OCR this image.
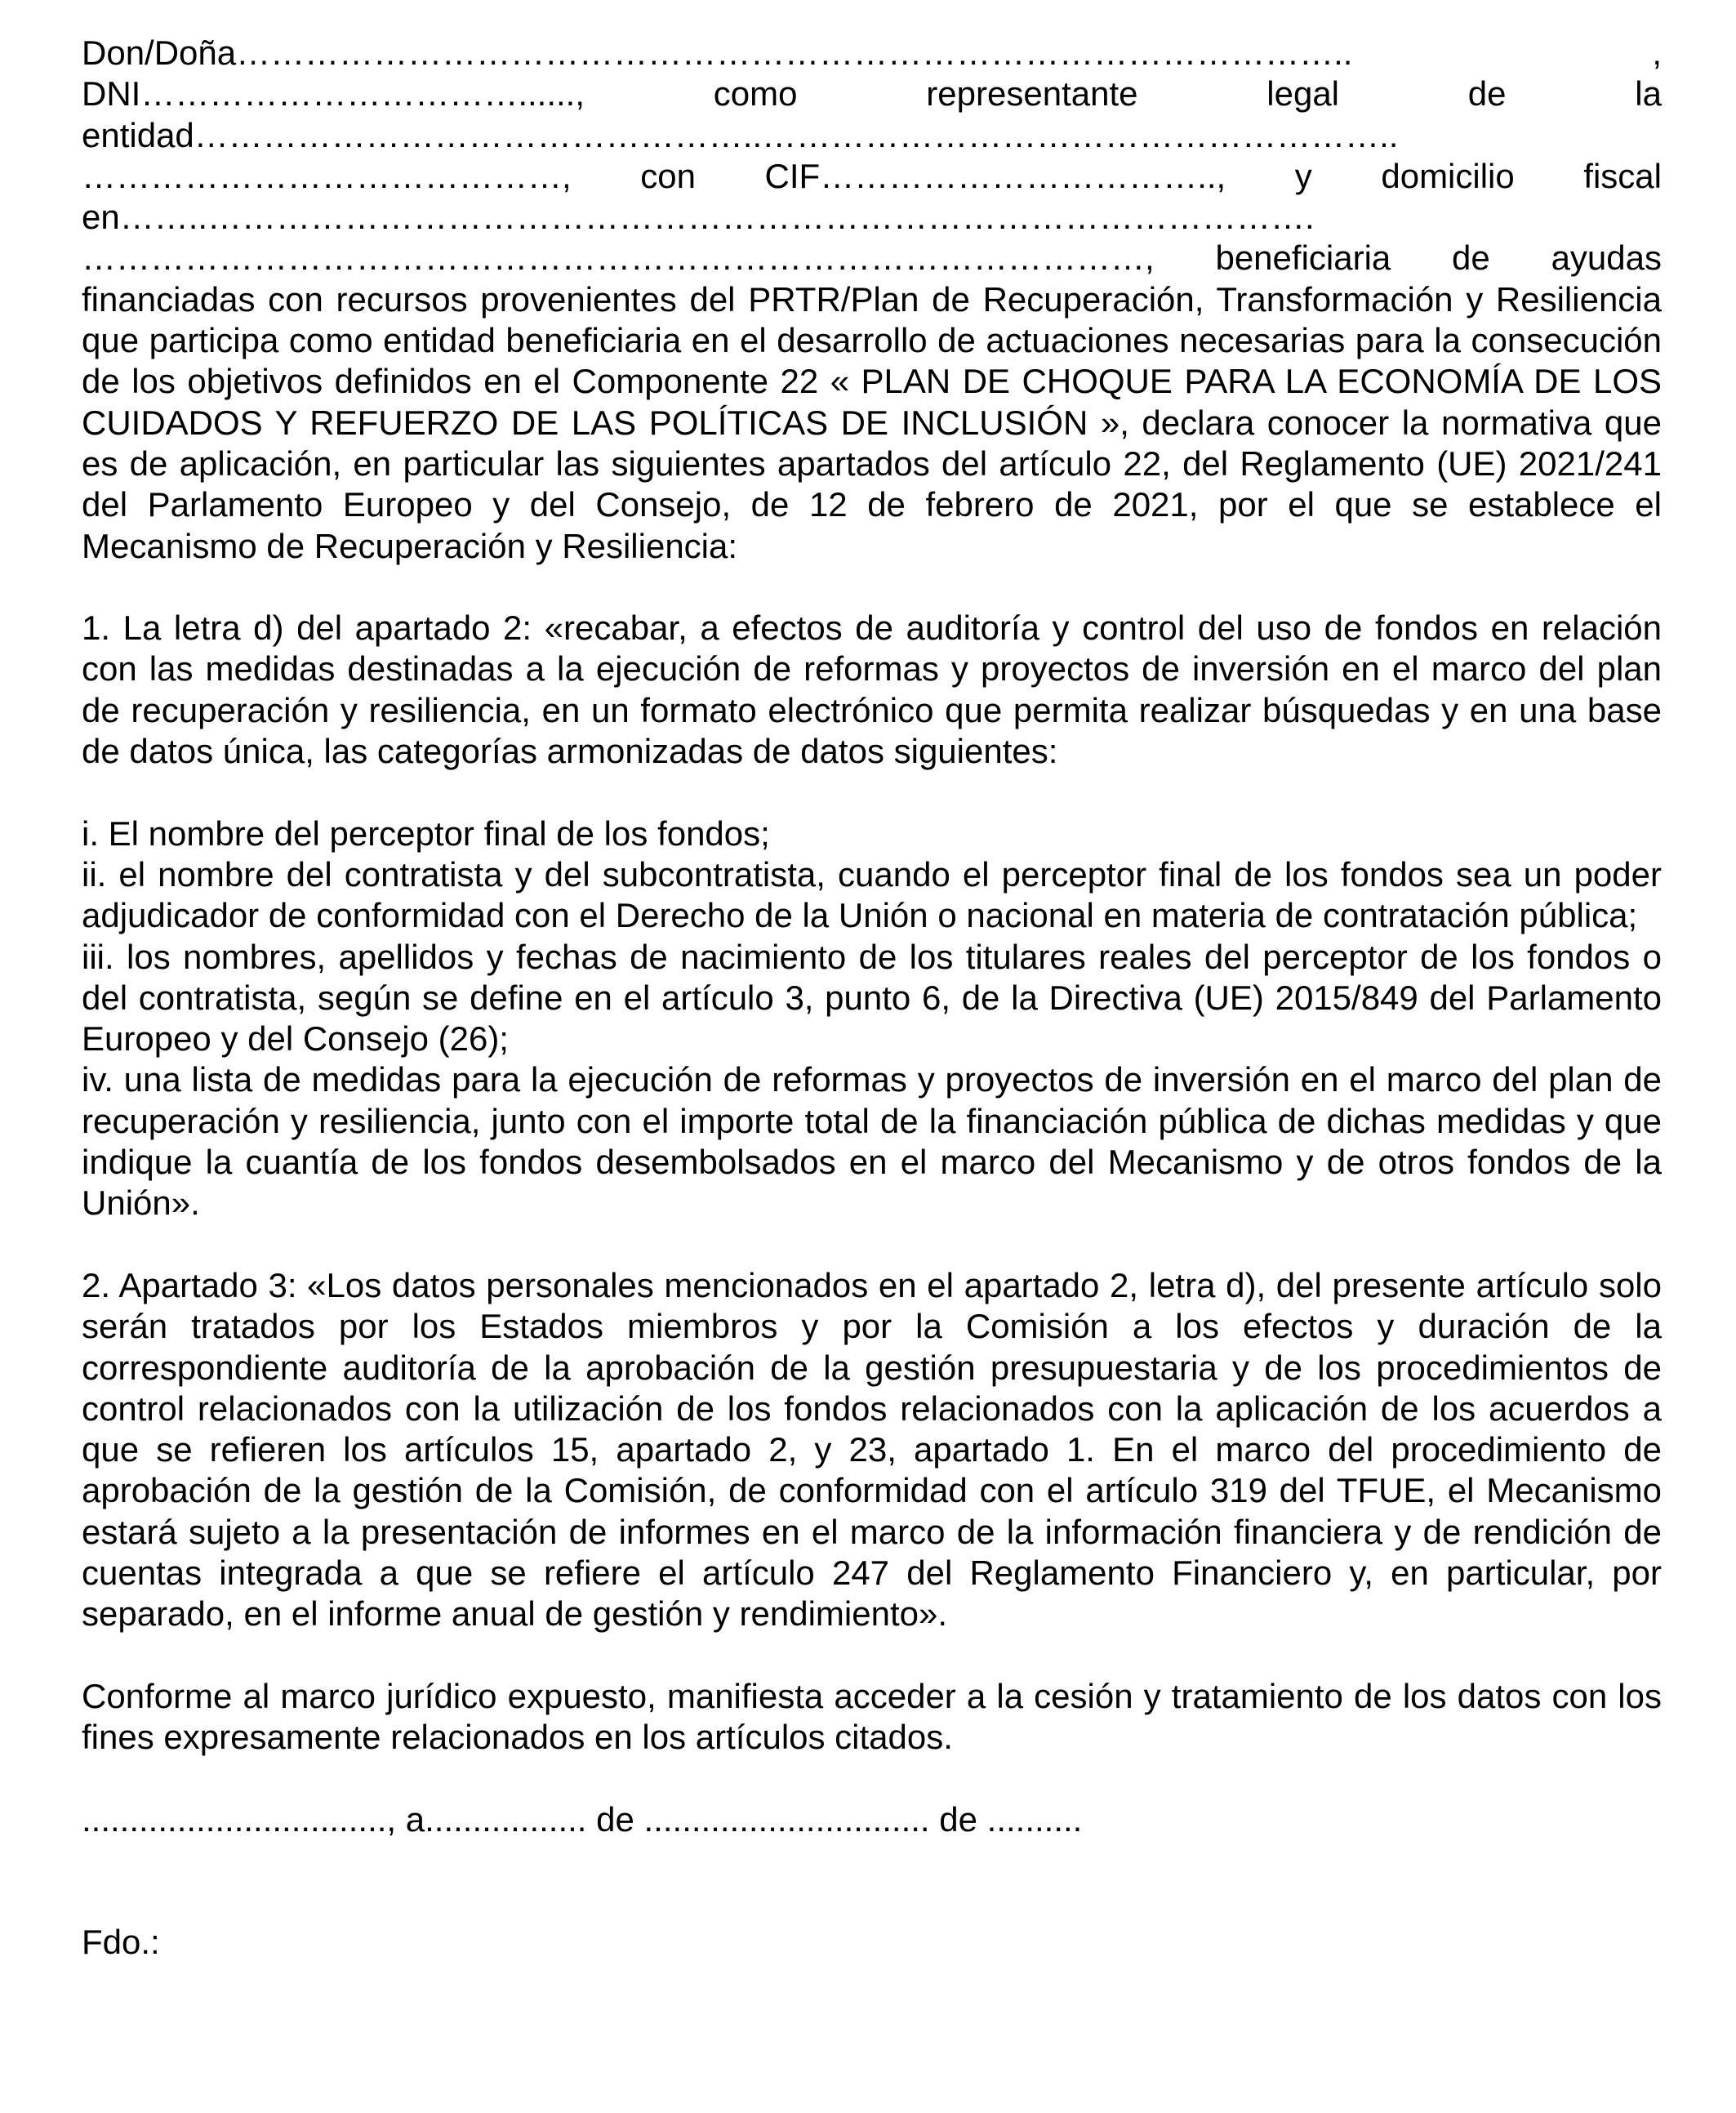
Don/Doña…………………………………………………………………………………….. ,
DNI……………………………......, como representante legal de la
entidad…………………………………………..………………………………………………..
……………………………………, con CIF…………………………….., y domicilio fiscal
en……..…………………………………………………………………………………….
…………………………………………………………………………………, beneficiaria de ayudas

financiadas con recursos provenientes del PRTR/Plan de Recuperación, Transformación y Resiliencia que participa como entidad beneficiaria en el desarrollo de actuaciones necesarias para la consecución de los objetivos definidos en el Componente 22 « PLAN DE CHOQUE PARA LA ECONOMÍA DE LOS CUIDADOS Y REFUERZO DE LAS POLÍTICAS DE INCLUSIÓN », declara conocer la normativa que es de aplicación, en particular las siguientes apartados del artículo 22, del Reglamento (UE) 2021/241 del Parlamento Europeo y del Consejo, de 12 de febrero de 2021, por el que se establece el Mecanismo de Recuperación y Resiliencia:

1. La letra d) del apartado 2: «recabar, a efectos de auditoría y control del uso de fondos en relación con las medidas destinadas a la ejecución de reformas y proyectos de inversión en el marco del plan de recuperación y resiliencia, en un formato electrónico que permita realizar búsquedas y en una base de datos única, las categorías armonizadas de datos siguientes:

i. El nombre del perceptor final de los fondos;

ii. el nombre del contratista y del subcontratista, cuando el perceptor final de los fondos sea un poder adjudicador de conformidad con el Derecho de la Unión o nacional en materia de contratación pública;

iii. los nombres, apellidos y fechas de nacimiento de los titulares reales del perceptor de los fondos o del contratista, según se define en el artículo 3, punto 6, de la Directiva (UE) 2015/849 del Parlamento Europeo y del Consejo (26);

iv. una lista de medidas para la ejecución de reformas y proyectos de inversión en el marco del plan de recuperación y resiliencia, junto con el importe total de la financiación pública de dichas medidas y que indique la cuantía de los fondos desembolsados en el marco del Mecanismo y de otros fondos de la Unión».

2. Apartado 3: «Los datos personales mencionados en el apartado 2, letra d), del presente artículo solo serán tratados por los Estados miembros y por la Comisión a los efectos y duración de la correspondiente auditoría de la aprobación de la gestión presupuestaria y de los procedimientos de control relacionados con la utilización de los fondos relacionados con la aplicación de los acuerdos a que se refieren los artículos 15, apartado 2, y 23, apartado 1. En el marco del procedimiento de aprobación de la gestión de la Comisión, de conformidad con el artículo 319 del TFUE, el Mecanismo estará sujeto a la presentación de informes en el marco de la información financiera y de rendición de cuentas integrada a que se refiere el artículo 247 del Reglamento Financiero y, en particular, por separado, en el informe anual de gestión y rendimiento».

Conforme al marco jurídico expuesto, manifiesta acceder a la cesión y tratamiento de los datos con los fines expresamente relacionados en los artículos citados.

................................, a................. de .............................. de ..........

Fdo.:
